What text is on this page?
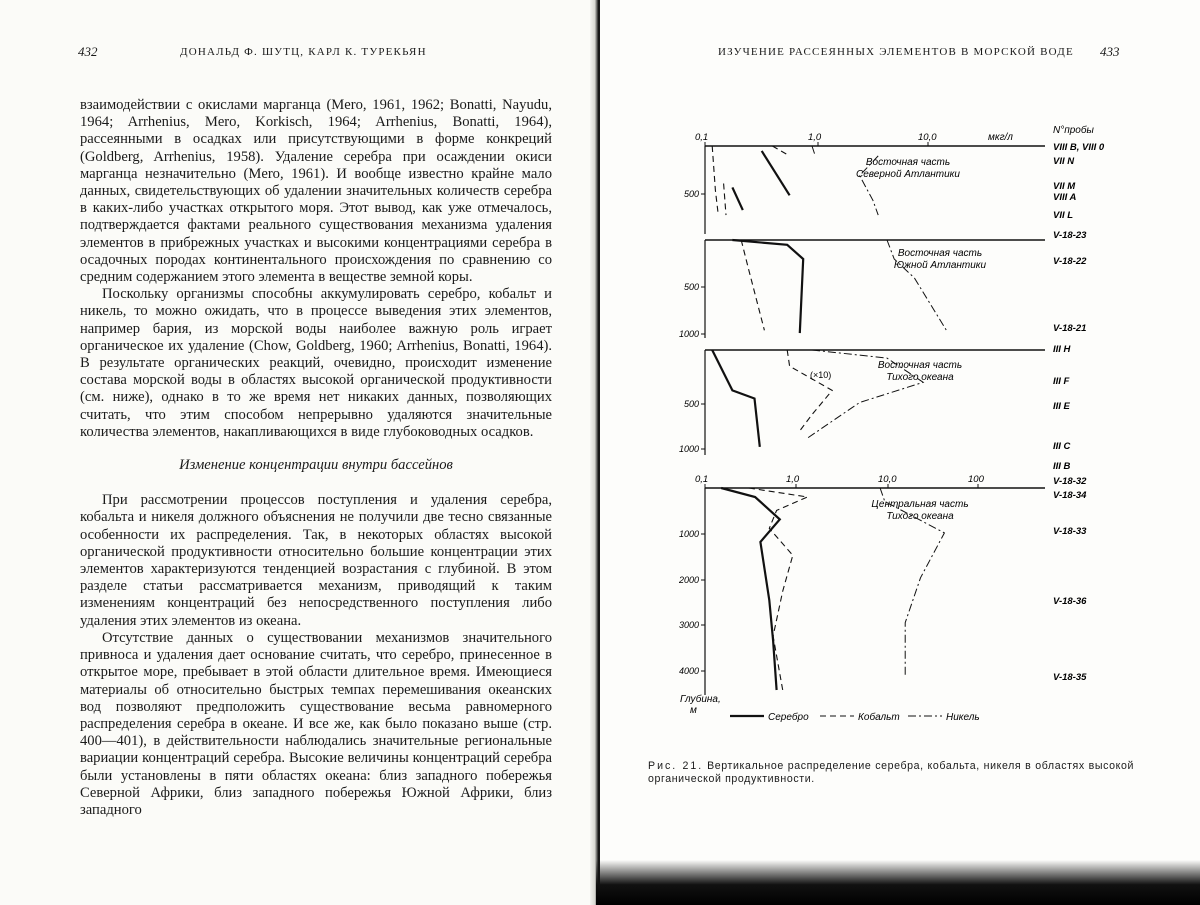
432	ДОНАЛЬД Ф. ШУТЦ, КАРЛ К. ТУРЕКЬЯН

взаимодействии с окислами марганца (Mero, 1961, 1962; Bonatti, Nayudu, 1964; Arrhenius, Mero, Korkisch, 1964; Arrhenius, Bonatti, 1964), рассеянными в осадках или присутствующими в форме конкреций (Goldberg, Arrhenius, 1958). Удаление серебра при осаждении окиси марганца незначительно (Mero, 1961). И вообще известно крайне мало данных, свидетельствующих об удалении значительных количеств серебра в каких-либо участках открытого моря. Этот вывод, как уже отмечалось, подтверждается фактами реального существования механизма удаления элементов в прибрежных участках и высокими концентрациями серебра в осадочных породах континентального происхождения по сравнению со средним содержанием этого элемента в веществе земной коры.

Поскольку организмы способны аккумулировать серебро, кобальт и никель, то можно ожидать, что в процессе выведения этих элементов, например бария, из морской воды наиболее важную роль играет органическое их удаление (Chow, Goldberg, 1960; Arrhenius, Bonatti, 1964). В результате органических реакций, очевидно, происходит изменение состава морской воды в областях высокой органической продуктивности (см. ниже), однако в то же время нет никаких данных, позволяющих считать, что этим способом непрерывно удаляются значительные количества элементов, накапливающихся в виде глубоководных осадков.

Изменение концентрации внутри бассейнов

При рассмотрении процессов поступления и удаления серебра, кобальта и никеля должного объяснения не получили две тесно связанные особенности их распределения. Так, в некоторых областях высокой органической продуктивности относительно большие концентрации этих элементов характеризуются тенденцией возрастания с глубиной. В этом разделе статьи рассматривается механизм, приводящий к таким изменениям концентраций без непосредственного поступления либо удаления этих элементов из океана.

Отсутствие данных о существовании механизмов значительного привноса и удаления дает основание считать, что серебро, принесенное в открытое море, пребывает в этой области длительное время. Имеющиеся материалы об относительно быстрых темпах перемешивания океанских вод позволяют предположить существование весьма равномерного распределения серебра в океане. И все же, как было показано выше (стр. 400—401), в действительности наблюдались значительные региональные вариации концентраций серебра. Высокие величины концентраций серебра были установлены в пяти областях океана: близ западного побережья Северной Африки, близ западного побережья Южной Африки, близ западного

ИЗУЧЕНИЕ РАССЕЯННЫХ ЭЛЕМЕНТОВ В МОРСКОЙ ВОДЕ 433
0,1	1,0	10,0
500
Восточная часть Северной Атлантики
VIII B, VIII 0
VII N
VII M
VIII A
VII L
500
1000
Восточная часть Южной Атлантики
V-18-23
V-18-22
V-18-21
500
1000
Восточная часть Тихого океана
III H
III F
III E
III C
III B
(×10)
0,1	1,0	10,0	100
1000
2000
3000
4000
Центральная часть Тихого океана
V-18-32
V-18-34
V-18-33
V-18-36
V-18-35
мкг/л
N°пробы
Глубина,
м
Серебро	Кобальт	Никель
Рис. 21. Вертикальное распределение серебра, кобальта, никеля в областях высокой органической продуктивности.
